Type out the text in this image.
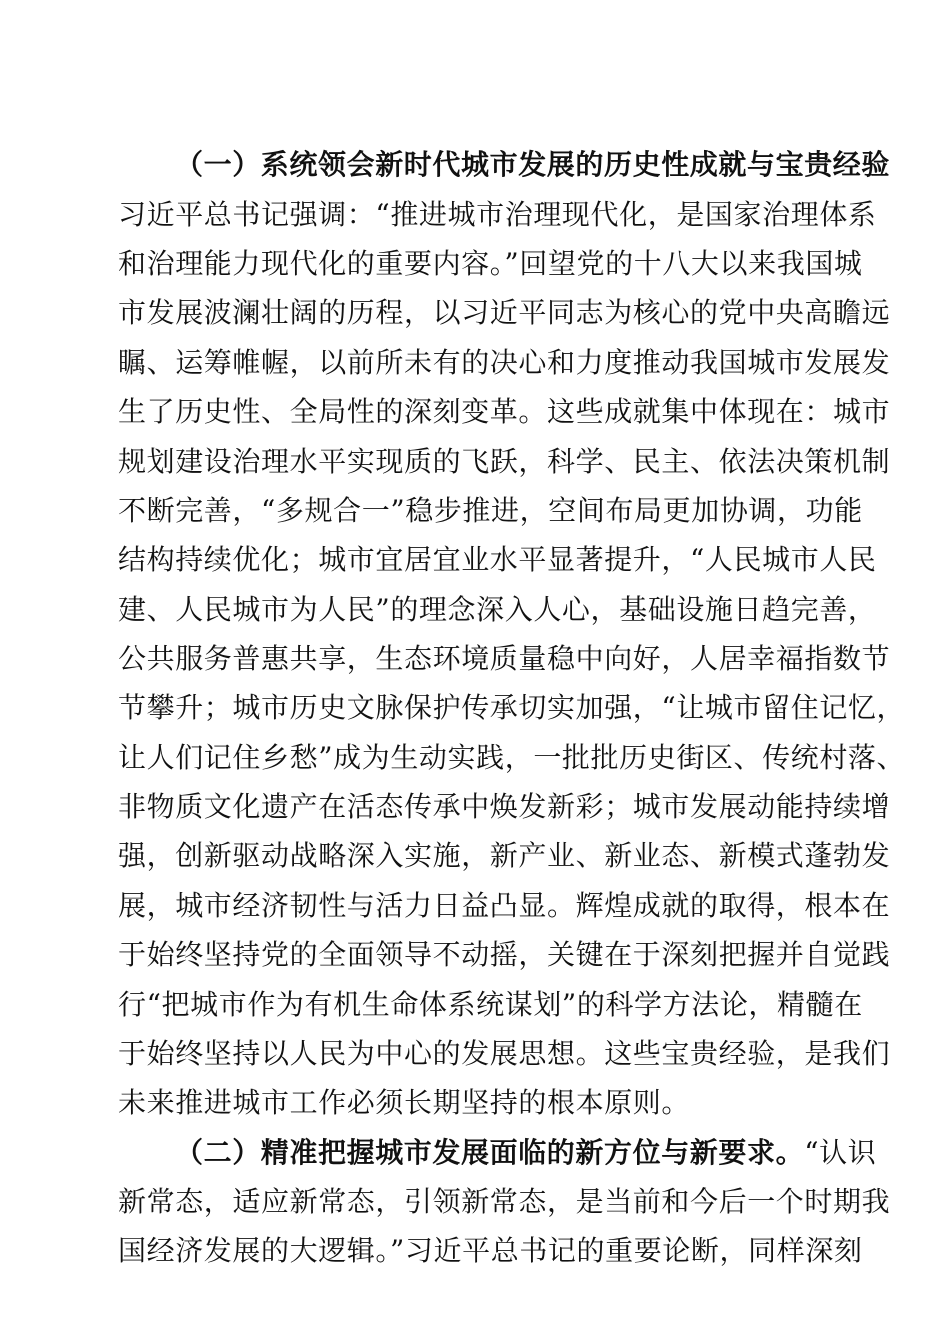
（一）系统领会新时代城市发展的历史性成就与宝贵经验
习近平总书记强调：“推进城市治理现代化，是国家治理体系
和治理能力现代化的重要内容。”回望党的十八大以来我国城
市发展波澜壮阔的历程，以习近平同志为核心的党中央高瞻远
瞩、运筹帷幄，以前所未有的决心和力度推动我国城市发展发
生了历史性、全局性的深刻变革。这些成就集中体现在：城市
规划建设治理水平实现质的飞跃，科学、民主、依法决策机制
不断完善，“多规合一”稳步推进，空间布局更加协调，功能
结构持续优化；城市宜居宜业水平显著提升，“人民城市人民
建、人民城市为人民”的理念深入人心，基础设施日趋完善，
公共服务普惠共享，生态环境质量稳中向好，人居幸福指数节
节攀升；城市历史文脉保护传承切实加强，“让城市留住记忆，
让人们记住乡愁”成为生动实践，一批批历史街区、传统村落、
非物质文化遗产在活态传承中焕发新彩；城市发展动能持续增
强，创新驱动战略深入实施，新产业、新业态、新模式蓬勃发
展，城市经济韧性与活力日益凸显。辉煌成就的取得，根本在
于始终坚持党的全面领导不动摇，关键在于深刻把握并自觉践
行“把城市作为有机生命体系统谋划”的科学方法论，精髓在
于始终坚持以人民为中心的发展思想。这些宝贵经验，是我们
未来推进城市工作必须长期坚持的根本原则。
（二）精准把握城市发展面临的新方位与新要求。“认识
新常态，适应新常态，引领新常态，是当前和今后一个时期我
国经济发展的大逻辑。”习近平总书记的重要论断，同样深刻
